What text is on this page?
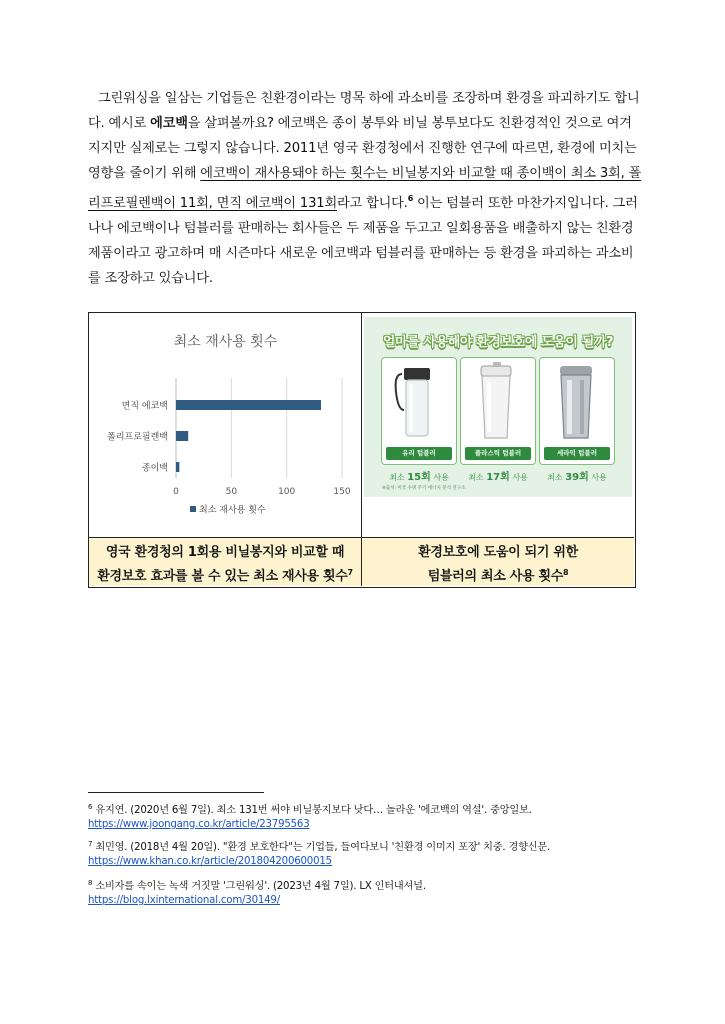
그린워싱을 일삼는 기업들은 친환경이라는 명목 하에 과소비를 조장하며 환경을 파괴하기도 합니다. 예시로 에코백을 살펴볼까요? 에코백은 종이 봉투와 비닐 봉투보다도 친환경적인 것으로 여겨지지만 실제로는 그렇지 않습니다. 2011년 영국 환경청에서 진행한 연구에 따르면, 환경에 미치는 영향을 줄이기 위해 에코백이 재사용돼야 하는 횟수는 비닐봉지와 비교할 때 종이백이 최소 3회, 폴리프로필렌백이 11회, 면직 에코백이 131회라고 합니다.$^6$ 이는 텀블러 또한 마찬가지입니다. 그러나나 에코백이나 텀블러를 판매하는 회사들은 두 제품을 두고고 일회용품을 배출하지 않는 친환경 제품이라고 광고하며 매 시즌마다 새로운 에코백과 텀블러를 판매하는 등 환경을 파괴하는 과소비를 조장하고 있습니다.

최소 재사용 횟수
0	50	100	150
면직 에코백
폴리프로필렌백
종이백
최소 재사용 횟수
얼마를 사용해야 환경보호에 도움이 될까?
유리 텀블러	플라스틱 텀블러	세라믹 텀블러
최소 15회 사용	최소 17회 사용	최소 39회 사용
※출처: 미국 수명 주기 에너지 분석 연구소
영국 환경청의 1회용 비닐봉지와 비교할 때
환경보호 효과를 볼 수 있는 최소 재사용 횟수$^7$
환경보호에 도움이 되기 위한
텀블러의 최소 사용 횟수$^8$
$^6$ 유지연. (2020년 6월 7일). 최소 131번 써야 비닐봉지보다 낫다… 놀라운 '에코백의 역설'. 중앙일보.
https://www.joongang.co.kr/article/23795563
$^7$ 최민영. (2018년 4월 20일). "환경 보호한다"는 기업들, 들여다보니 '친환경 이미지 포장' 치중. 경향신문.
https://www.khan.co.kr/article/201804200600015
$^8$ 소비자를 속이는 녹색 거짓말 '그린워싱'. (2023년 4월 7일). LX 인터내셔널.
https://blog.lxinternational.com/30149/
